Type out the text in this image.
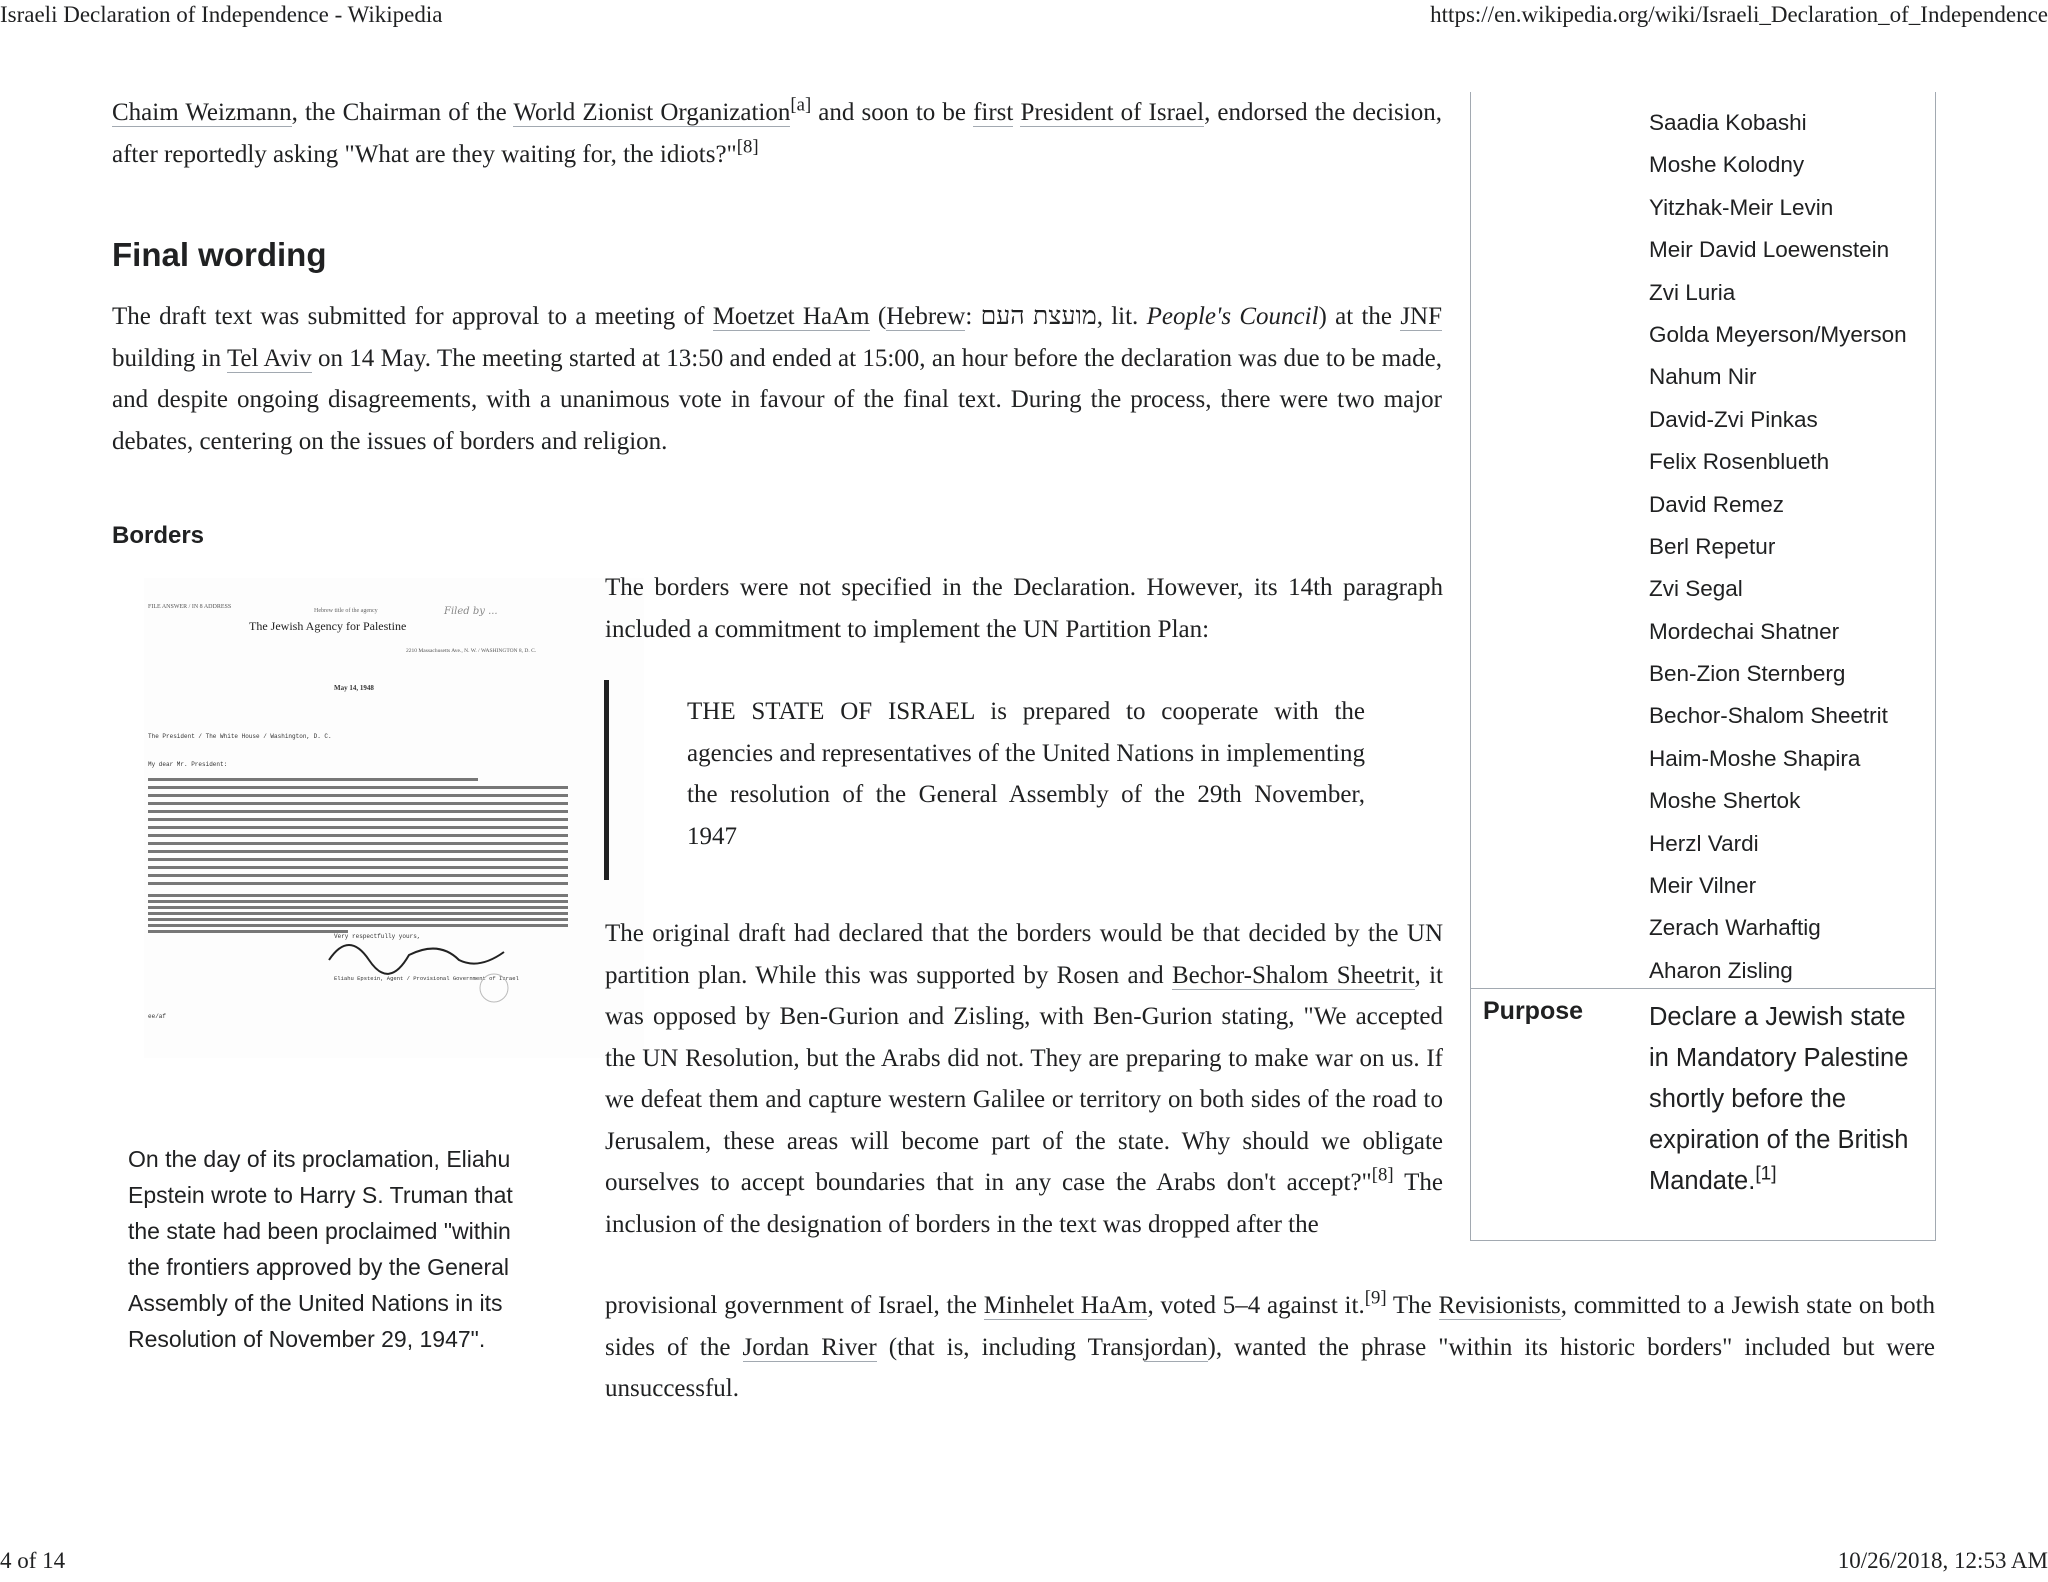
Israeli Declaration of Independence - Wikipedia	https://en.wikipedia.org/wiki/Israeli_Declaration_of_Independence

Chaim Weizmann, the Chairman of the World Zionist Organization[a] and soon to be first President of Israel, endorsed the decision, after reportedly asking "What are they waiting for, the idiots?"[8]

Final wording

The draft text was submitted for approval to a meeting of Moetzet HaAm (Hebrew: מועצת העם, lit. People's Council) at the JNF building in Tel Aviv on 14 May. The meeting started at 13:50 and ended at 15:00, an hour before the declaration was due to be made, and despite ongoing disagreements, with a unanimous vote in favour of the final text. During the process, there were two major debates, centering on the issues of borders and religion.

Borders
FILE ANSWER / IN 8 ADDRESS
Hebrew title of the agency
The Jewish Agency for Palestine
Filed by ...
2210 Massachusetts Ave., N. W. / WASHINGTON 8, D. C.
May 14, 1948
The President / The White House / Washington, D. C.
My dear Mr. President:
Very respectfully yours,
Eliahu Epstein, Agent / Provisional Government of Israel
ee/af

On the day of its proclamation, Eliahu Epstein wrote to Harry S. Truman that the state had been proclaimed "within the frontiers approved by the General Assembly of the United Nations in its Resolution of November 29, 1947".

The borders were not specified in the Declaration. However, its 14th paragraph included a commitment to implement the UN Partition Plan:

THE STATE OF ISRAEL is prepared to cooperate with the agencies and representatives of the United Nations in implementing the resolution of the General Assembly of the 29th November, 1947

The original draft had declared that the borders would be that decided by the UN partition plan. While this was supported by Rosen and Bechor-Shalom Sheetrit, it was opposed by Ben-Gurion and Zisling, with Ben-Gurion stating, "We accepted the UN Resolution, but the Arabs did not. They are preparing to make war on us. If we defeat them and capture western Galilee or territory on both sides of the road to Jerusalem, these areas will become part of the state. Why should we obligate ourselves to accept boundaries that in any case the Arabs don't accept?"[8] The inclusion of the designation of borders in the text was dropped after the

provisional government of Israel, the Minhelet HaAm, voted 5–4 against it.[9] The Revisionists, committed to a Jewish state on both sides of the Jordan River (that is, including Transjordan), wanted the phrase "within its historic borders" included but were unsuccessful.

Saadia Kobashi
Moshe Kolodny
Yitzhak-Meir Levin
Meir David Loewenstein
Zvi Luria
Golda Meyerson/Myerson
Nahum Nir
David-Zvi Pinkas
Felix Rosenblueth
David Remez
Berl Repetur
Zvi Segal
Mordechai Shatner
Ben-Zion Sternberg
Bechor-Shalom Sheetrit
Haim-Moshe Shapira
Moshe Shertok
Herzl Vardi
Meir Vilner
Zerach Warhaftig
Aharon Zisling
Purpose	Declare a Jewish state in Mandatory Palestine shortly before the expiration of the British Mandate.[1]
4 of 14	10/26/2018, 12:53 AM
